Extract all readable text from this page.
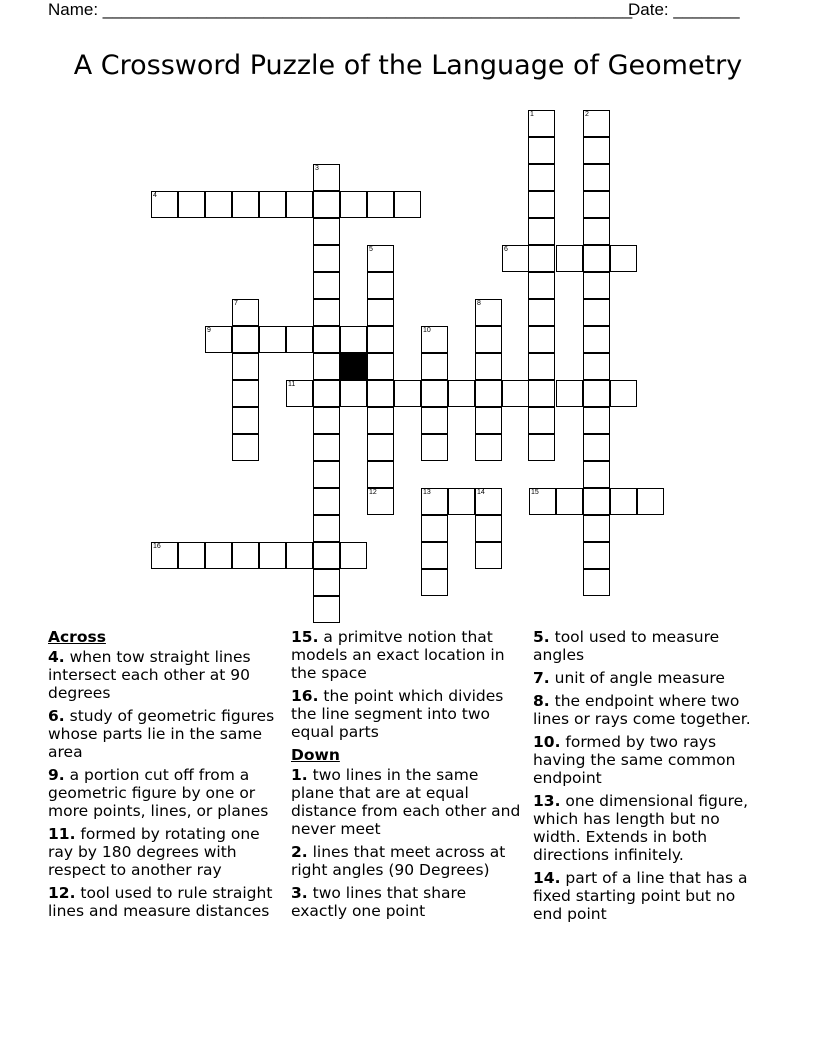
Name: ________________________________________________________
Date: _______
A Crossword Puzzle of the Language of Geometry
1	2
3
4
5	6
7	8
9	10
11
12	13	14	15
16
Across
4. when tow straight lines intersect each other at 90 degrees
6. study of geometric figures whose parts lie in the same area
9. a portion cut off from a geometric figure by one or more points, lines, or planes
11. formed by rotating one ray by 180 degrees with respect to another ray
12. tool used to rule straight lines and measure distances
15. a primitve notion that models an exact location in the space
16. the point which divides the line segment into two equal parts
Down
1. two lines in the same plane that are at equal distance from each other and never meet
2. lines that meet across at right angles (90 Degrees)
3. two lines that share exactly one point
5. tool used to measure angles
7. unit of angle measure
8. the endpoint where two lines or rays come together.
10. formed by two rays having the same common endpoint
13. one dimensional figure, which has length but no width. Extends in both directions infinitely.
14. part of a line that has a fixed starting point but no end point
